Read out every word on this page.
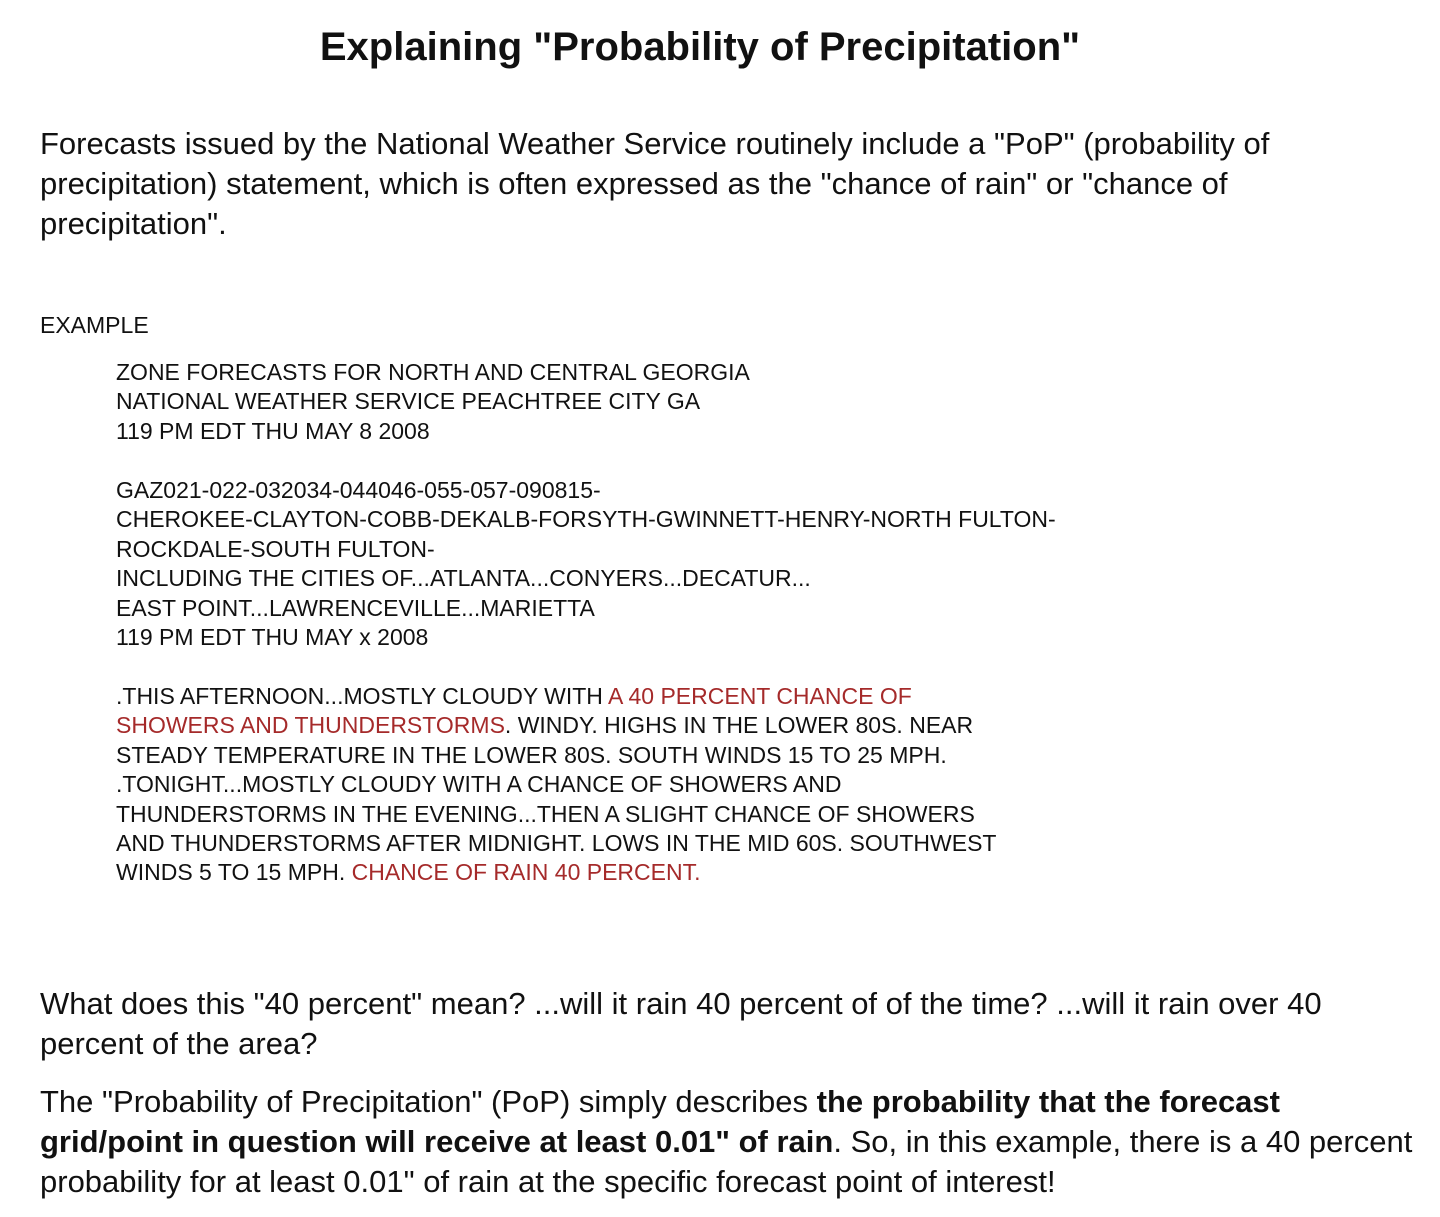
Explaining "Probability of Precipitation"

Forecasts issued by the National Weather Service routinely include a "PoP" (probability of precipitation) statement, which is often expressed as the "chance of rain" or "chance of precipitation".

EXAMPLE

ZONE FORECASTS FOR NORTH AND CENTRAL GEORGIA
NATIONAL WEATHER SERVICE PEACHTREE CITY GA
119 PM EDT THU MAY 8 2008
GAZ021-022-032034-044046-055-057-090815-
CHEROKEE-CLAYTON-COBB-DEKALB-FORSYTH-GWINNETT-HENRY-NORTH FULTON-
ROCKDALE-SOUTH FULTON-
INCLUDING THE CITIES OF...ATLANTA...CONYERS...DECATUR...
EAST POINT...LAWRENCEVILLE...MARIETTA
119 PM EDT THU MAY x 2008
.THIS AFTERNOON...MOSTLY CLOUDY WITH A 40 PERCENT CHANCE OF
SHOWERS AND THUNDERSTORMS. WINDY. HIGHS IN THE LOWER 80S. NEAR
STEADY TEMPERATURE IN THE LOWER 80S. SOUTH WINDS 15 TO 25 MPH.
.TONIGHT...MOSTLY CLOUDY WITH A CHANCE OF SHOWERS AND
THUNDERSTORMS IN THE EVENING...THEN A SLIGHT CHANCE OF SHOWERS
AND THUNDERSTORMS AFTER MIDNIGHT. LOWS IN THE MID 60S. SOUTHWEST
WINDS 5 TO 15 MPH. CHANCE OF RAIN 40 PERCENT.

What does this "40 percent" mean? ...will it rain 40 percent of of the time? ...will it rain over 40 percent of the area?

The "Probability of Precipitation" (PoP) simply describes the probability that the forecast grid/point in question will receive at least 0.01" of rain. So, in this example, there is a 40 percent probability for at least 0.01" of rain at the specific forecast point of interest!
